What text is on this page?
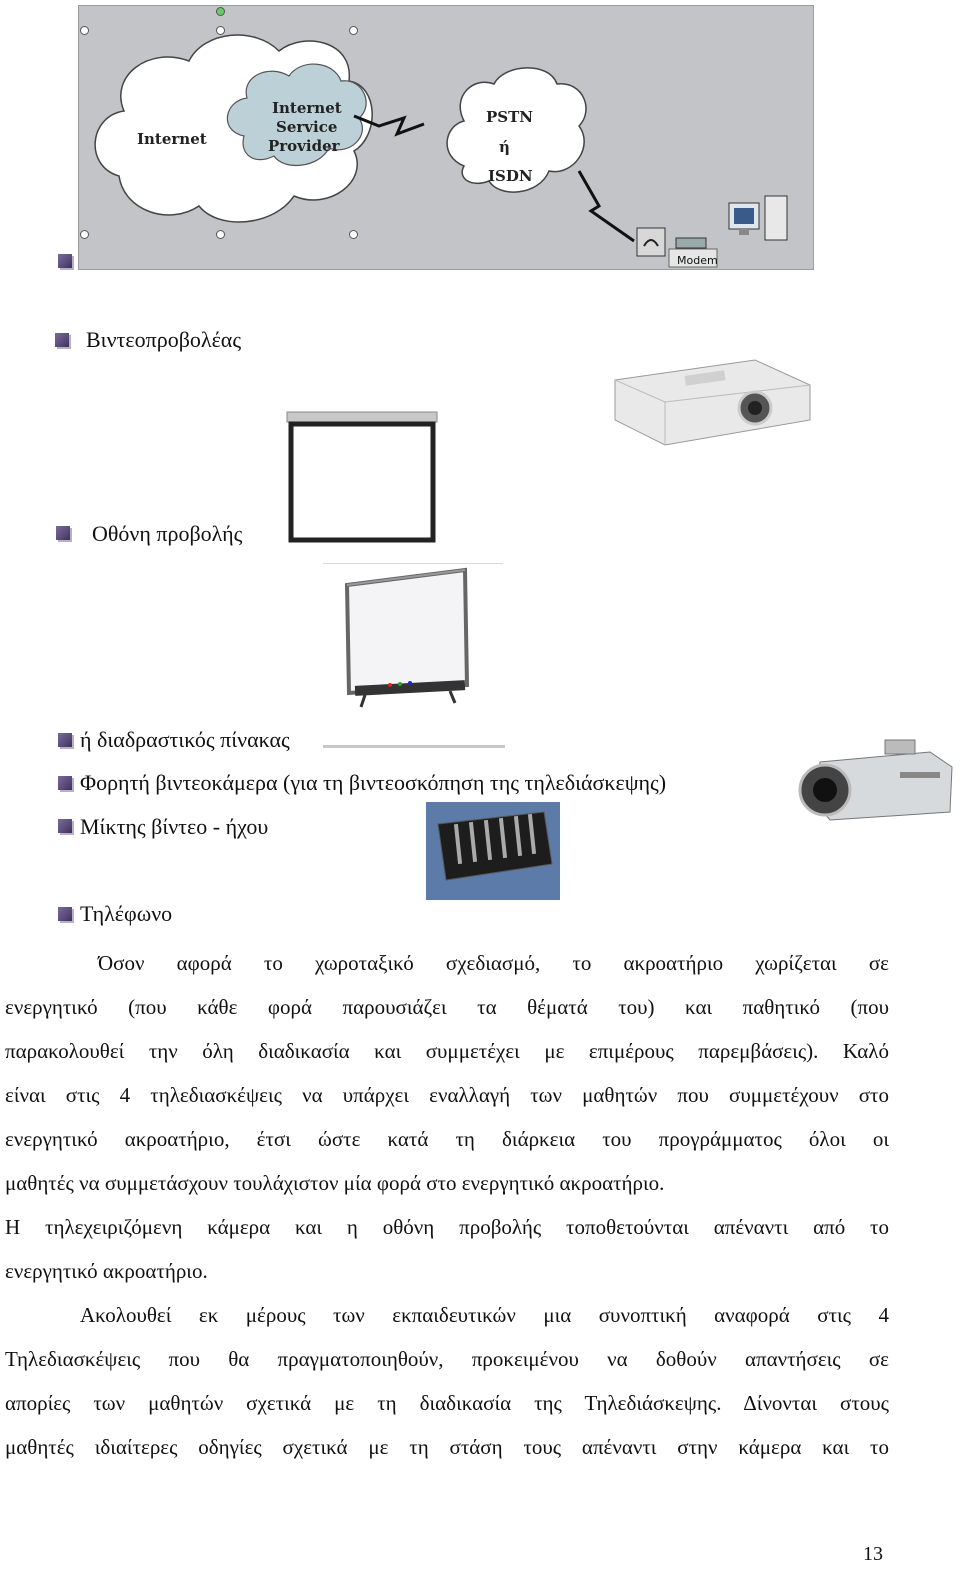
Internet
Internet
Service
Provider
PSTN
ή
ISDN
Modem
Βιντεοπροβολέας
Οθόνη προβολής
ή διαδραστικός πίνακας
Φορητή βιντεοκάμερα (για τη βιντεοσκόπηση της τηλεδιάσκεψης)
Μίκτης βίντεο - ήχου
Τηλέφωνο
Όσον αφορά το χωροταξικό σχεδιασμό, το ακροατήριο χωρίζεται σε
ενεργητικό (που κάθε φορά παρουσιάζει τα θέματά του) και παθητικό (που
παρακολουθεί την όλη διαδικασία και συμμετέχει με επιμέρους παρεμβάσεις). Καλό
είναι στις 4 τηλεδιασκέψεις να υπάρχει εναλλαγή των μαθητών που συμμετέχουν στο
ενεργητικό ακροατήριο, έτσι ώστε κατά τη διάρκεια του προγράμματος όλοι οι
μαθητές να συμμετάσχουν τουλάχιστον μία φορά στο ενεργητικό ακροατήριο.
Η τηλεχειριζόμενη κάμερα και η οθόνη προβολής τοποθετούνται απέναντι από το
ενεργητικό ακροατήριο.
Ακολουθεί εκ μέρους των εκπαιδευτικών μια συνοπτική αναφορά στις 4
Τηλεδιασκέψεις που θα πραγματοποιηθούν, προκειμένου να δοθούν απαντήσεις σε
απορίες των μαθητών σχετικά με τη διαδικασία της Τηλεδιάσκεψης. Δίνονται στους
μαθητές ιδιαίτερες οδηγίες σχετικά με τη στάση τους απέναντι στην κάμερα και το
13
